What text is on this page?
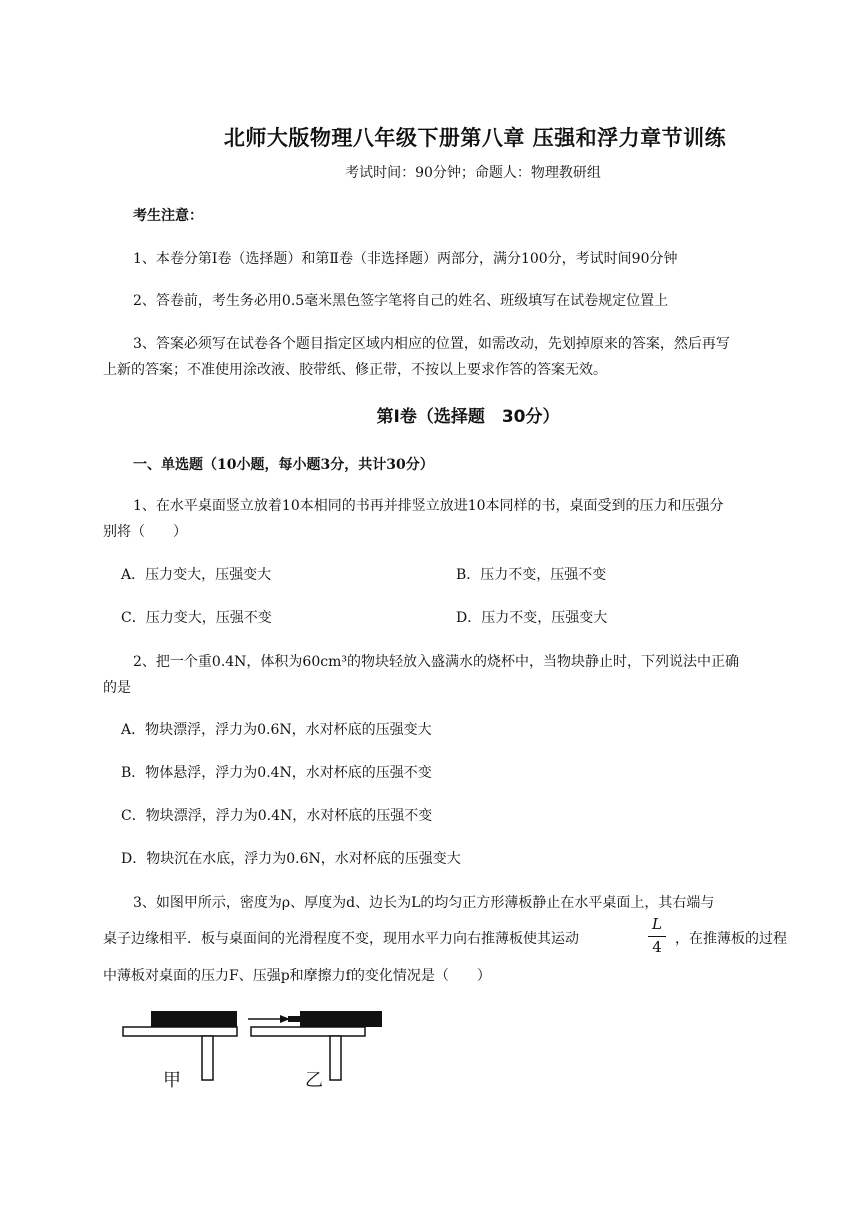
北师大版物理八年级下册第八章 压强和浮力章节训练
考试时间：90分钟；命题人：物理教研组
考生注意：
1、本卷分第Ⅰ卷（选择题）和第Ⅱ卷（非选择题）两部分，满分100分，考试时间90分钟
2、答卷前，考生务必用0.5毫米黑色签字笔将自己的姓名、班级填写在试卷规定位置上
3、答案必须写在试卷各个题目指定区域内相应的位置，如需改动，先划掉原来的答案，然后再写
上新的答案；不准使用涂改液、胶带纸、修正带，不按以上要求作答的答案无效。
第Ⅰ卷（选择题　30分）
一、单选题（10小题，每小题3分，共计30分）
1、在水平桌面竖立放着10本相同的书再并排竖立放进10本同样的书，桌面受到的压力和压强分
别将（　　）
A．压力变大，压强变大	B．压力不变，压强不变
C．压力变大，压强不变	D．压力不变，压强变大
2、把一个重0.4N，体积为60cm³的物块轻放入盛满水的烧杯中，当物块静止时，下列说法中正确
的是
A．物块漂浮，浮力为0.6N，水对杯底的压强变大
B．物体悬浮，浮力为0.4N，水对杯底的压强不变
C．物块漂浮，浮力为0.4N，水对杯底的压强不变
D．物块沉在水底，浮力为0.6N，水对杯底的压强变大
3、如图甲所示，密度为ρ、厚度为d、边长为L的均匀正方形薄板静止在水平桌面上，其右端与
桌子边缘相平．板与桌面间的光滑程度不变，现用水平力向右推薄板使其运动
L
4 ，在推薄板的过程
中薄板对桌面的压力F、压强p和摩擦力f的变化情况是（　　）
甲	乙
